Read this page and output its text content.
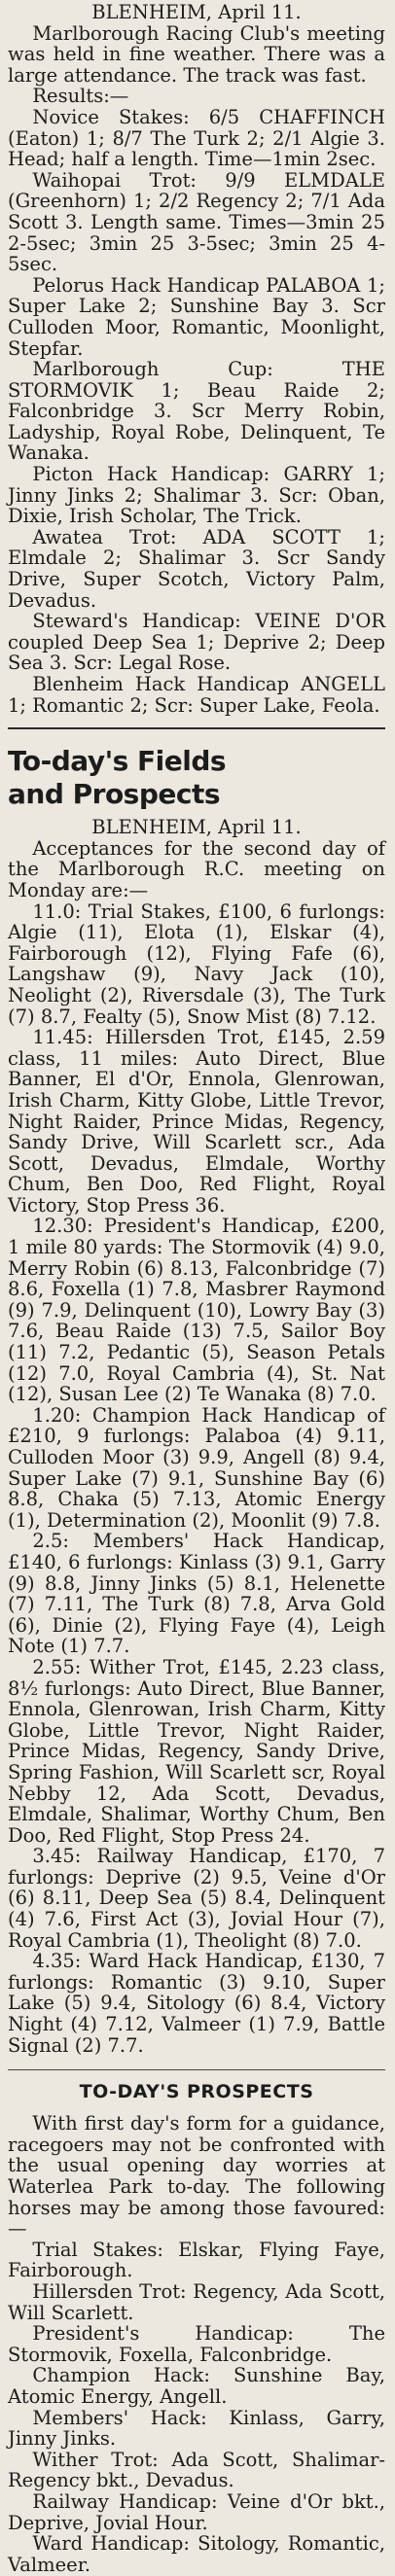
BLENHEIM, April 11.

Marlborough Racing Club's meeting was held in fine weather. There was a large attendance. The track was fast.

Results:—

Novice Stakes: 6/5 CHAFFINCH (Eaton) 1; 8/7 The Turk 2; 2/1 Algie 3. Head; half a length. Time—1min 2sec.

Waihopai Trot: 9/9 ELMDALE (Greenhorn) 1; 2/2 Regency 2; 7/1 Ada Scott 3. Length same. Times—3min 25 2-5sec; 3min 25 3-5sec; 3min 25 4-5sec.

Pelorus Hack Handicap PALABOA 1; Super Lake 2; Sunshine Bay 3. Scr Culloden Moor, Romantic, Moonlight, Stepfar.

Marlborough Cup: THE STORMOVIK 1; Beau Raide 2; Falconbridge 3. Scr Merry Robin, Ladyship, Royal Robe, Delinquent, Te Wanaka.

Picton Hack Handicap: GARRY 1; Jinny Jinks 2; Shalimar 3. Scr: Oban, Dixie, Irish Scholar, The Trick.

Awatea Trot: ADA SCOTT 1; Elmdale 2; Shalimar 3. Scr Sandy Drive, Super Scotch, Victory Palm, Devadus.

Steward's Handicap: VEINE D'OR coupled Deep Sea 1; Deprive 2; Deep Sea 3. Scr: Legal Rose.

Blenheim Hack Handicap ANGELL 1; Romantic 2; Scr: Super Lake, Feola.

To-day's Fields
and Prospects

BLENHEIM, April 11.

Acceptances for the second day of the Marlborough R.C. meeting on Monday are:—

11.0: Trial Stakes, £100, 6 furlongs: Algie (11), Elota (1), Elskar (4), Fairborough (12), Flying Fafe (6), Langshaw (9), Navy Jack (10), Neolight (2), Riversdale (3), The Turk (7) 8.7, Fealty (5), Snow Mist (8) 7.12.

11.45: Hillersden Trot, £145, 2.59 class, 11 miles: Auto Direct, Blue Banner, El d'Or, Ennola, Glenrowan, Irish Charm, Kitty Globe, Little Trevor, Night Raider, Prince Midas, Regency, Sandy Drive, Will Scarlett scr., Ada Scott, Devadus, Elmdale, Worthy Chum, Ben Doo, Red Flight, Royal Victory, Stop Press 36.

12.30: President's Handicap, £200, 1 mile 80 yards: The Stormovik (4) 9.0, Merry Robin (6) 8.13, Falconbridge (7) 8.6, Foxella (1) 7.8, Masbrer Raymond (9) 7.9, Delinquent (10), Lowry Bay (3) 7.6, Beau Raide (13) 7.5, Sailor Boy (11) 7.2, Pedantic (5), Season Petals (12) 7.0, Royal Cambria (4), St. Nat (12), Susan Lee (2) Te Wanaka (8) 7.0.

1.20: Champion Hack Handicap of £210, 9 furlongs: Palaboa (4) 9.11, Culloden Moor (3) 9.9, Angell (8) 9.4, Super Lake (7) 9.1, Sunshine Bay (6) 8.8, Chaka (5) 7.13, Atomic Energy (1), Determination (2), Moonlit (9) 7.8.

2.5: Members' Hack Handicap, £140, 6 furlongs: Kinlass (3) 9.1, Garry (9) 8.8, Jinny Jinks (5) 8.1, Helenette (7) 7.11, The Turk (8) 7.8, Arva Gold (6), Dinie (2), Flying Faye (4), Leigh Note (1) 7.7.

2.55: Wither Trot, £145, 2.23 class, 8½ furlongs: Auto Direct, Blue Banner, Ennola, Glenrowan, Irish Charm, Kitty Globe, Little Trevor, Night Raider, Prince Midas, Regency, Sandy Drive, Spring Fashion, Will Scarlett scr, Royal Nebby 12, Ada Scott, Devadus, Elmdale, Shalimar, Worthy Chum, Ben Doo, Red Flight, Stop Press 24.

3.45: Railway Handicap, £170, 7 furlongs: Deprive (2) 9.5, Veine d'Or (6) 8.11, Deep Sea (5) 8.4, Delinquent (4) 7.6, First Act (3), Jovial Hour (7), Royal Cambria (1), Theolight (8) 7.0.

4.35: Ward Hack Handicap, £130, 7 furlongs: Romantic (3) 9.10, Super Lake (5) 9.4, Sitology (6) 8.4, Victory Night (4) 7.12, Valmeer (1) 7.9, Battle Signal (2) 7.7.

TO-DAY'S PROSPECTS

With first day's form for a guidance, racegoers may not be confronted with the usual opening day worries at Waterlea Park to-day. The following horses may be among those favoured:—

Trial Stakes: Elskar, Flying Faye, Fairborough.

Hillersden Trot: Regency, Ada Scott, Will Scarlett.

President's Handicap: The Stormovik, Foxella, Falconbridge.

Champion Hack: Sunshine Bay, Atomic Energy, Angell.

Members' Hack: Kinlass, Garry, Jinny Jinks.

Wither Trot: Ada Scott, Shalimar-Regency bkt., Devadus.

Railway Handicap: Veine d'Or bkt., Deprive, Jovial Hour.

Ward Handicap: Sitology, Romantic, Valmeer.
